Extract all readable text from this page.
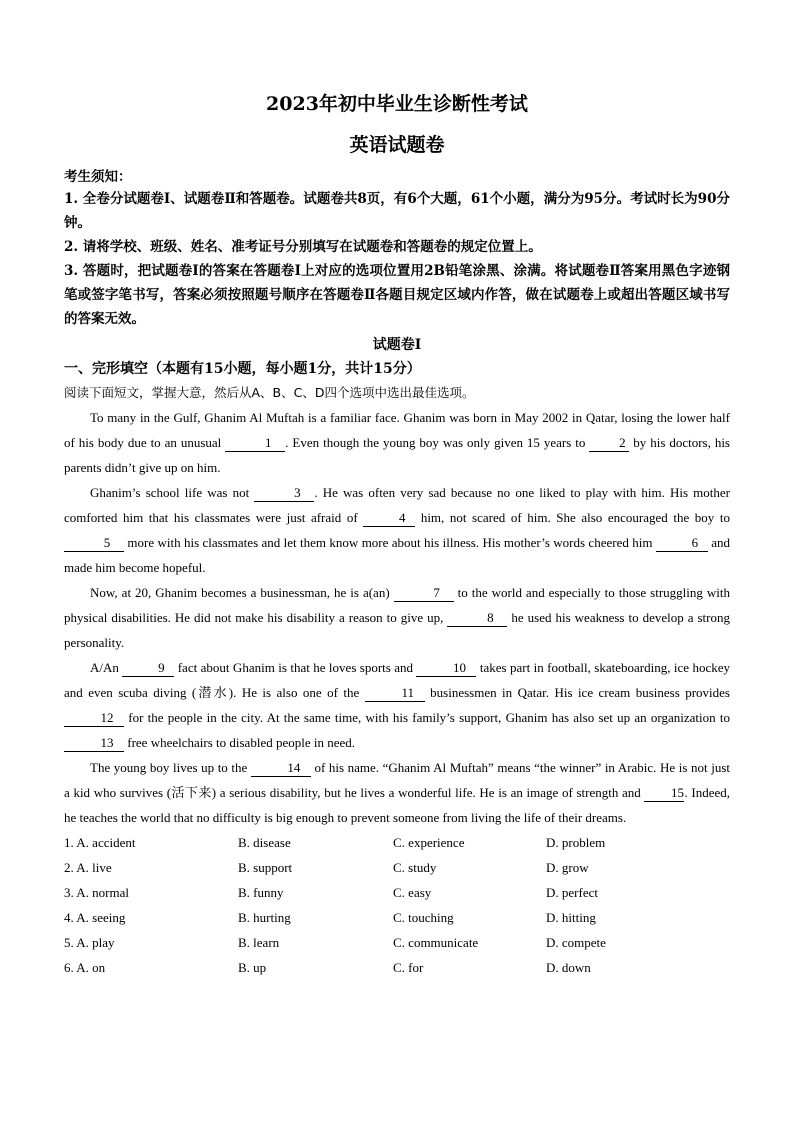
2023年初中毕业生诊断性考试
英语试题卷
考生须知：

1. 全卷分试题卷Ⅰ、试题卷Ⅱ和答题卷。试题卷共8页，有6个大题，61个小题，满分为95分。考试时长为90分钟。

2. 请将学校、班级、姓名、准考证号分别填写在试题卷和答题卷的规定位置上。

3. 答题时，把试题卷Ⅰ的答案在答题卷Ⅰ上对应的选项位置用2B铅笔涂黑、涂满。将试题卷Ⅱ答案用黑色字迹钢笔或签字笔书写，答案必须按照题号顺序在答题卷Ⅱ各题目规定区域内作答，做在试题卷上或超出答题区域书写的答案无效。

试题卷Ⅰ
一、完形填空（本题有15小题，每小题1分，共计15分）
阅读下面短文，掌握大意，然后从A、B、C、D四个选项中选出最佳选项。

To many in the Gulf, Ghanim Al Muftah is a familiar face. Ghanim was born in May 2002 in Qatar, losing the lower half of his body due to an unusual	1 . Even though the young boy was only given 15 years to 2 by his doctors, his parents didn’t give up on him.

Ghanim’s school life was not	3 . He was often very sad because no one liked to play with him. His mother comforted him that his classmates were just afraid of	4 him, not scared of him. She also encouraged the boy to 5 more with his classmates and let them know more about his illness. His mother’s words cheered him	6 and made him become hopeful.

Now, at 20, Ghanim becomes a businessman, he is a(an)	7 to the world and especially to those struggling with physical disabilities. He did not make his disability a reason to give up,	8 he used his weakness to develop a strong personality.

A/An	9 fact about Ghanim is that he loves sports and	10 takes part in football, skateboarding, ice hockey and even scuba diving (潜水). He is also one of the	11 businessmen in Qatar. His ice cream business provides 12 for the people in the city. At the same time, with his family’s support, Ghanim has also set up an organization to 13 free wheelchairs to disabled people in need.

The young boy lives up to the	14 of his name. “Ghanim Al Muftah” means “the winner” in Arabic. He is not just a kid who survives (活下来) a serious disability, but he lives a wonderful life. He is an image of strength and 15. Indeed, he teaches the world that no difficulty is big enough to prevent someone from living the life of their dreams.

1. A. accident	B. disease	C. experience	D. problem
2. A. live	B. support	C. study	D. grow
3. A. normal	B. funny	C. easy	D. perfect
4. A. seeing	B. hurting	C. touching	D. hitting
5. A. play	B. learn	C. communicate	D. compete
6. A. on	B. up	C. for	D. down
